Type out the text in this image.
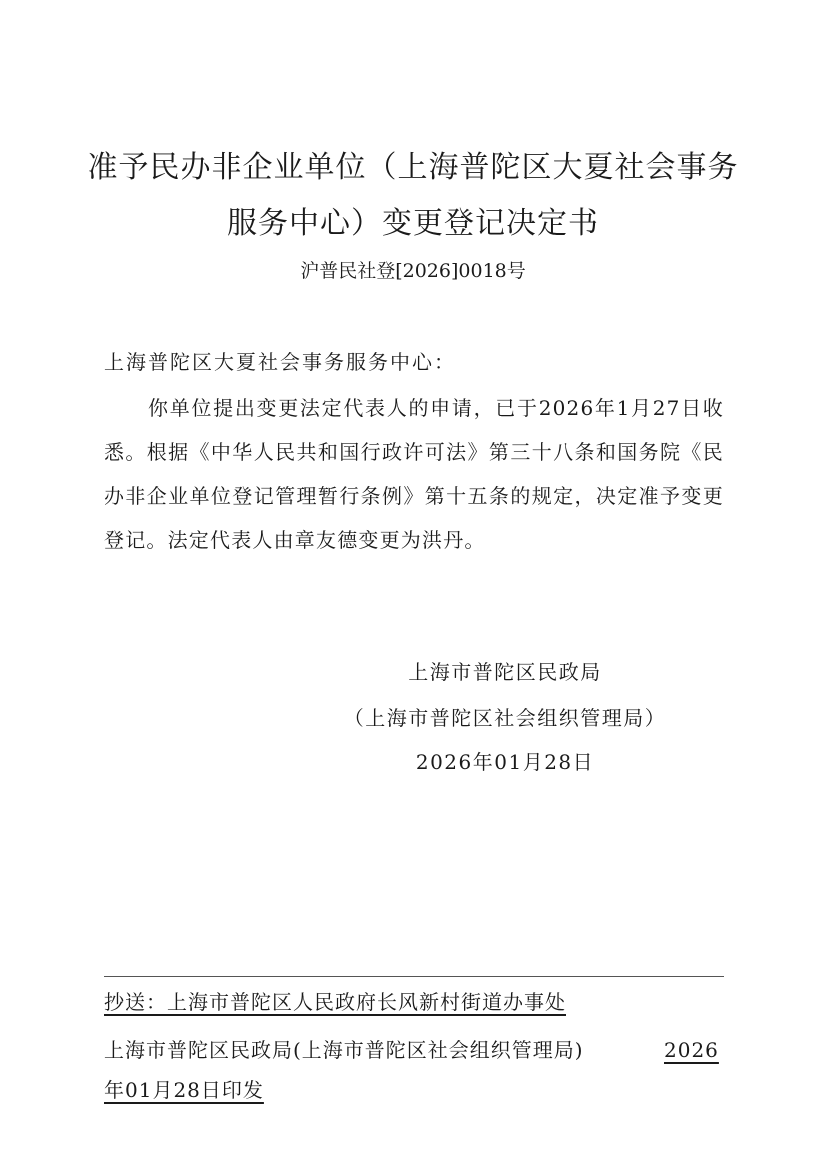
准予民办非企业单位（上海普陀区大夏社会事务
服务中心）变更登记决定书
沪普民社登[2026]0018号
上海普陀区大夏社会事务服务中心：

你单位提出变更法定代表人的申请，已于2026年1月27日收悉。根据《中华人民共和国行政许可法》第三十八条和国务院《民办非企业单位登记管理暂行条例》第十五条的规定，决定准予变更登记。法定代表人由章友德变更为洪丹。

上海市普陀区民政局
（上海市普陀区社会组织管理局）
2026年01月28日
抄送：上海市普陀区人民政府长风新村街道办事处
上海市普陀区民政局(上海市普陀区社会组织管理局)	2026
年01月28日印发
